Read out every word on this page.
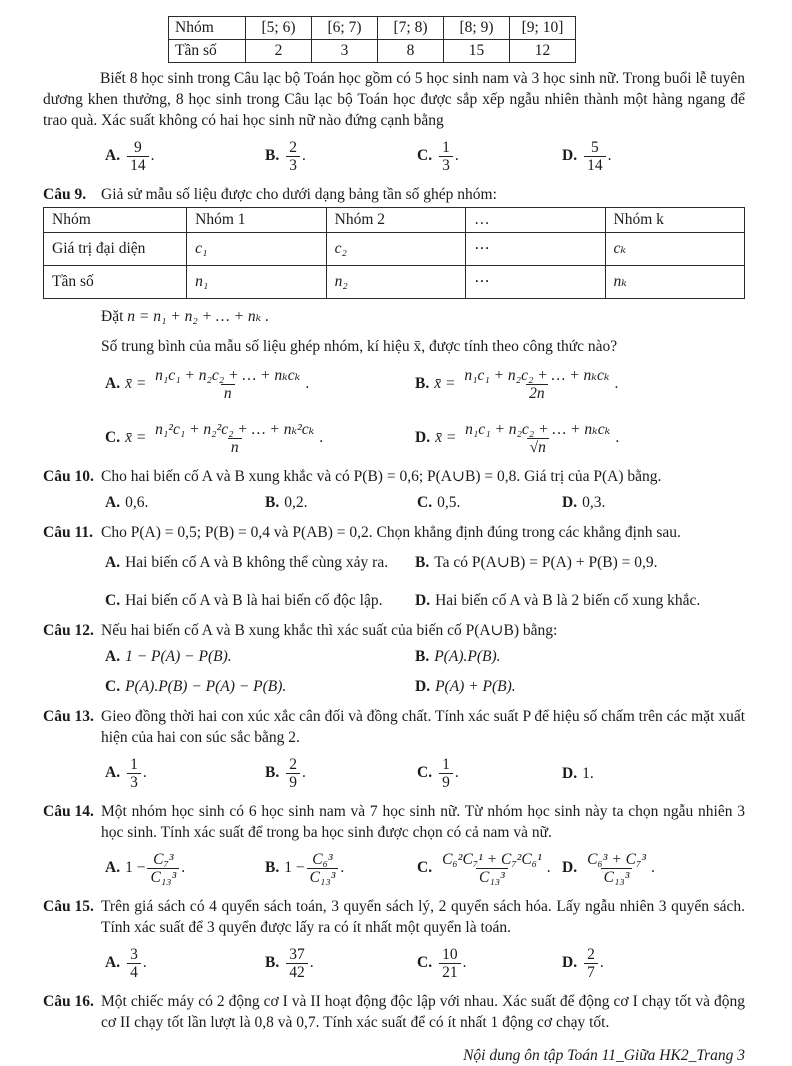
Nhóm	[5; 6)	[6; 7)	[7; 8)	[8; 9)	[9; 10]
Tần số	2	3	8	15	12
Biết 8 học sinh trong Câu lạc bộ Toán học gồm có 5 học sinh nam và 3 học sinh nữ. Trong buổi lễ tuyên dương khen thưởng, 8 học sinh trong Câu lạc bộ Toán học được sắp xếp ngẫu nhiên thành một hàng ngang để trao quà. Xác suất không có hai học sinh nữ nào đứng cạnh bằng
A. $\frac{9}{14}$ .	B. $\frac{2}{3}$ .	C. $\frac{1}{3}$ .	D. $\frac{5}{14}$ .
Câu 9. Giả sử mẫu số liệu được cho dưới dạng bảng tần số ghép nhóm:
Nhóm	Nhóm 1	Nhóm 2	…	Nhóm k
Giá trị đại diện	c₁	c₂	⋯	cₖ
Tần số	n₁	n₂	⋯	nₖ
Đặt n = n₁ + n₂ + … + nₖ .
Số trung bình của mẫu số liệu ghép nhóm, kí hiệu x̄, được tính theo công thức nào?
A. x̄ = $\frac{\text{n₁c₁ + n₂c₂ + … + nₖcₖ}}{n}$ .	B. x̄ = $\frac{\text{n₁c₁ + n₂c₂ + … + nₖcₖ}}{2n}$ .
C. x̄ = $\frac{\text{n₁²c₁ + n₂²c₂ + … + nₖ²cₖ}}{n}$ .	D. x̄ = $\frac{\text{n₁c₁ + n₂c₂ + … + nₖcₖ}}{√n}$ .
Câu 10. Cho hai biến cố A và B xung khắc và có P(B) = 0,6; P(A∪B) = 0,8. Giá trị của P(A) bằng.
A. 0,6.	B. 0,2.	C. 0,5.	D. 0,3.
Câu 11. Cho P(A) = 0,5; P(B) = 0,4 và P(AB) = 0,2. Chọn khẳng định đúng trong các khẳng định sau.
A. Hai biến cố A và B không thể cùng xảy ra.	B. Ta có P(A∪B) = P(A) + P(B) = 0,9.
C. Hai biến cố A và B là hai biến cố độc lập.	D. Hai biến cố A và B là 2 biến cố xung khắc.
Câu 12. Nếu hai biến cố A và B xung khắc thì xác suất của biến cố P(A∪B) bằng:
A. 1 − P(A) − P(B).	B. P(A).P(B).
C. P(A).P(B) − P(A) − P(B).	D. P(A) + P(B).
Câu 13. Gieo đồng thời hai con xúc xắc cân đối và đồng chất. Tính xác suất P để hiệu số chấm trên các mặt xuất hiện của hai con súc sắc bằng 2.
A. $\frac{1}{3}$ .	B. $\frac{2}{9}$ .	C. $\frac{1}{9}$ .	D. 1.
Câu 14. Một nhóm học sinh có 6 học sinh nam và 7 học sinh nữ. Từ nhóm học sinh này ta chọn ngẫu nhiên 3 học sinh. Tính xác suất để trong ba học sinh được chọn có cả nam và nữ.
A. $1 - \frac{\text{C₇³}}{\text{C₁₃³}}$ .	B. $1 - \frac{\text{C₆³}}{\text{C₁₃³}}$ .	C. $\frac{\text{C₆²C₇¹ + C₇²C₆¹}}{\text{C₁₃³}}$ . D. $\frac{\text{C₆³ + C₇³}}{\text{C₁₃³}}$ .
Câu 15. Trên giá sách có 4 quyển sách toán, 3 quyển sách lý, 2 quyển sách hóa. Lấy ngẫu nhiên 3 quyển sách. Tính xác suất để 3 quyển được lấy ra có ít nhất một quyển là toán.
A. $\frac{3}{4}$ .	B. $\frac{37}{42}$ .	C. $\frac{10}{21}$ .	D. $\frac{2}{7}$ .
Câu 16. Một chiếc máy có 2 động cơ I và II hoạt động độc lập với nhau. Xác suất để động cơ I chạy tốt và động cơ II chạy tốt lần lượt là 0,8 và 0,7. Tính xác suất để có ít nhất 1 động cơ chạy tốt.
Nội dung ôn tập Toán 11_Giữa HK2_Trang 3
